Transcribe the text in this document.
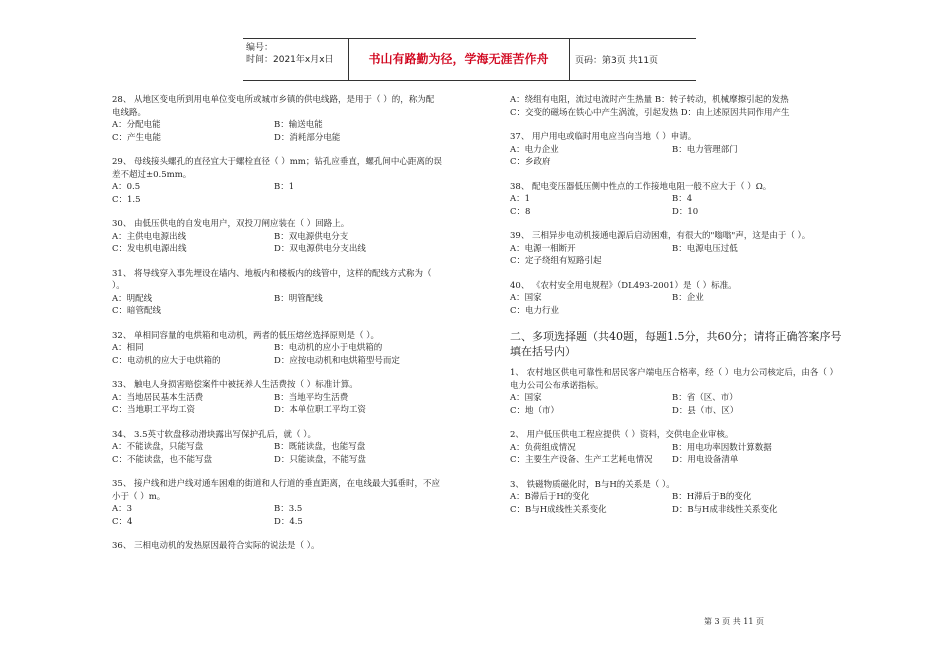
编号：
时间：2021年x月x日	书山有路勤为径，学海无涯苦作舟	页码：第3页 共11页
28、 从地区变电所到用电单位变电所或城市乡镇的供电线路，是用于（ ）的，称为配电线路。
A：分配电能	B：输送电能
C：产生电能	D：消耗部分电能
29、 母线接头螺孔的直径宜大于螺栓直径（ ）mm；钻孔应垂直，螺孔间中心距离的误差不超过±0.5mm。
A：0.5	B：1
C：1.5
30、 由低压供电的自发电用户，双投刀闸应装在（ ）回路上。
A：主供电电源出线	B：双电源供电分支
C：发电机电源出线	D：双电源供电分支出线
31、 将导线穿入事先埋设在墙内、地板内和楼板内的线管中，这样的配线方式称为（ ）。
A：明配线	B：明管配线
C：暗管配线
32、 单相同容量的电烘箱和电动机，两者的低压熔丝选择原则是（ ）。
A：相同	B：电动机的应小于电烘箱的
C：电动机的应大于电烘箱的	D：应按电动机和电烘箱型号而定
33、 触电人身损害赔偿案件中被抚养人生活费按（ ）标准计算。
A：当地居民基本生活费	B：当地平均生活费
C：当地职工平均工资	D：本单位职工平均工资
34、 3.5英寸软盘移动滑块露出写保护孔后，就（ ）。
A：不能读盘，只能写盘	B：既能读盘，也能写盘
C：不能读盘，也不能写盘	D：只能读盘，不能写盘
35、 接户线和进户线对通车困难的街道和人行道的垂直距离，在电线最大弧垂时，不应小于（ ）m。
A：3	B：3.5
C：4	D：4.5
36、 三相电动机的发热原因最符合实际的说法是（ ）。
A：绕组有电阻，流过电流时产生热量 B：转子转动，机械摩擦引起的发热
C：交变的磁场在铁心中产生涡流，引起发热 D：由上述原因共同作用产生
37、 用户用电或临时用电应当向当地（ ）申请。
A：电力企业	B：电力管理部门
C：乡政府
38、 配电变压器低压侧中性点的工作接地电阻一般不应大于（ ）Ω。
A：1	B：4
C：8	D：10
39、 三相异步电动机接通电源后启动困难，有很大的"嗡嗡"声，这是由于（ ）。
A：电源一相断开	B：电源电压过低
C：定子绕组有短路引起
40、 《农村安全用电规程》（DL493-2001）是（ ）标准。
A：国家	B：企业
C：电力行业
二、多项选择题（共40题，每题1.5分，共60分；请将正确答案序号填在括号内）
1、 农村地区供电可靠性和居民客户端电压合格率，经（ ）电力公司核定后，由各（ ）电力公司公布承诺指标。
A：国家	B：省（区、市）
C：地（市）	D：县（市、区）
2、 用户低压供电工程应提供（ ）资料，交供电企业审核。
A：负荷组成情况	B：用电功率因数计算数据
C：主要生产设备、生产工艺耗电情况	D：用电设备清单
3、 铁磁物质磁化时，B与H的关系是（ ）。
A：B滞后于H的变化	B：H滞后于B的变化
C：B与H成线性关系变化	D：B与H成非线性关系变化
第 3 页 共 11 页
